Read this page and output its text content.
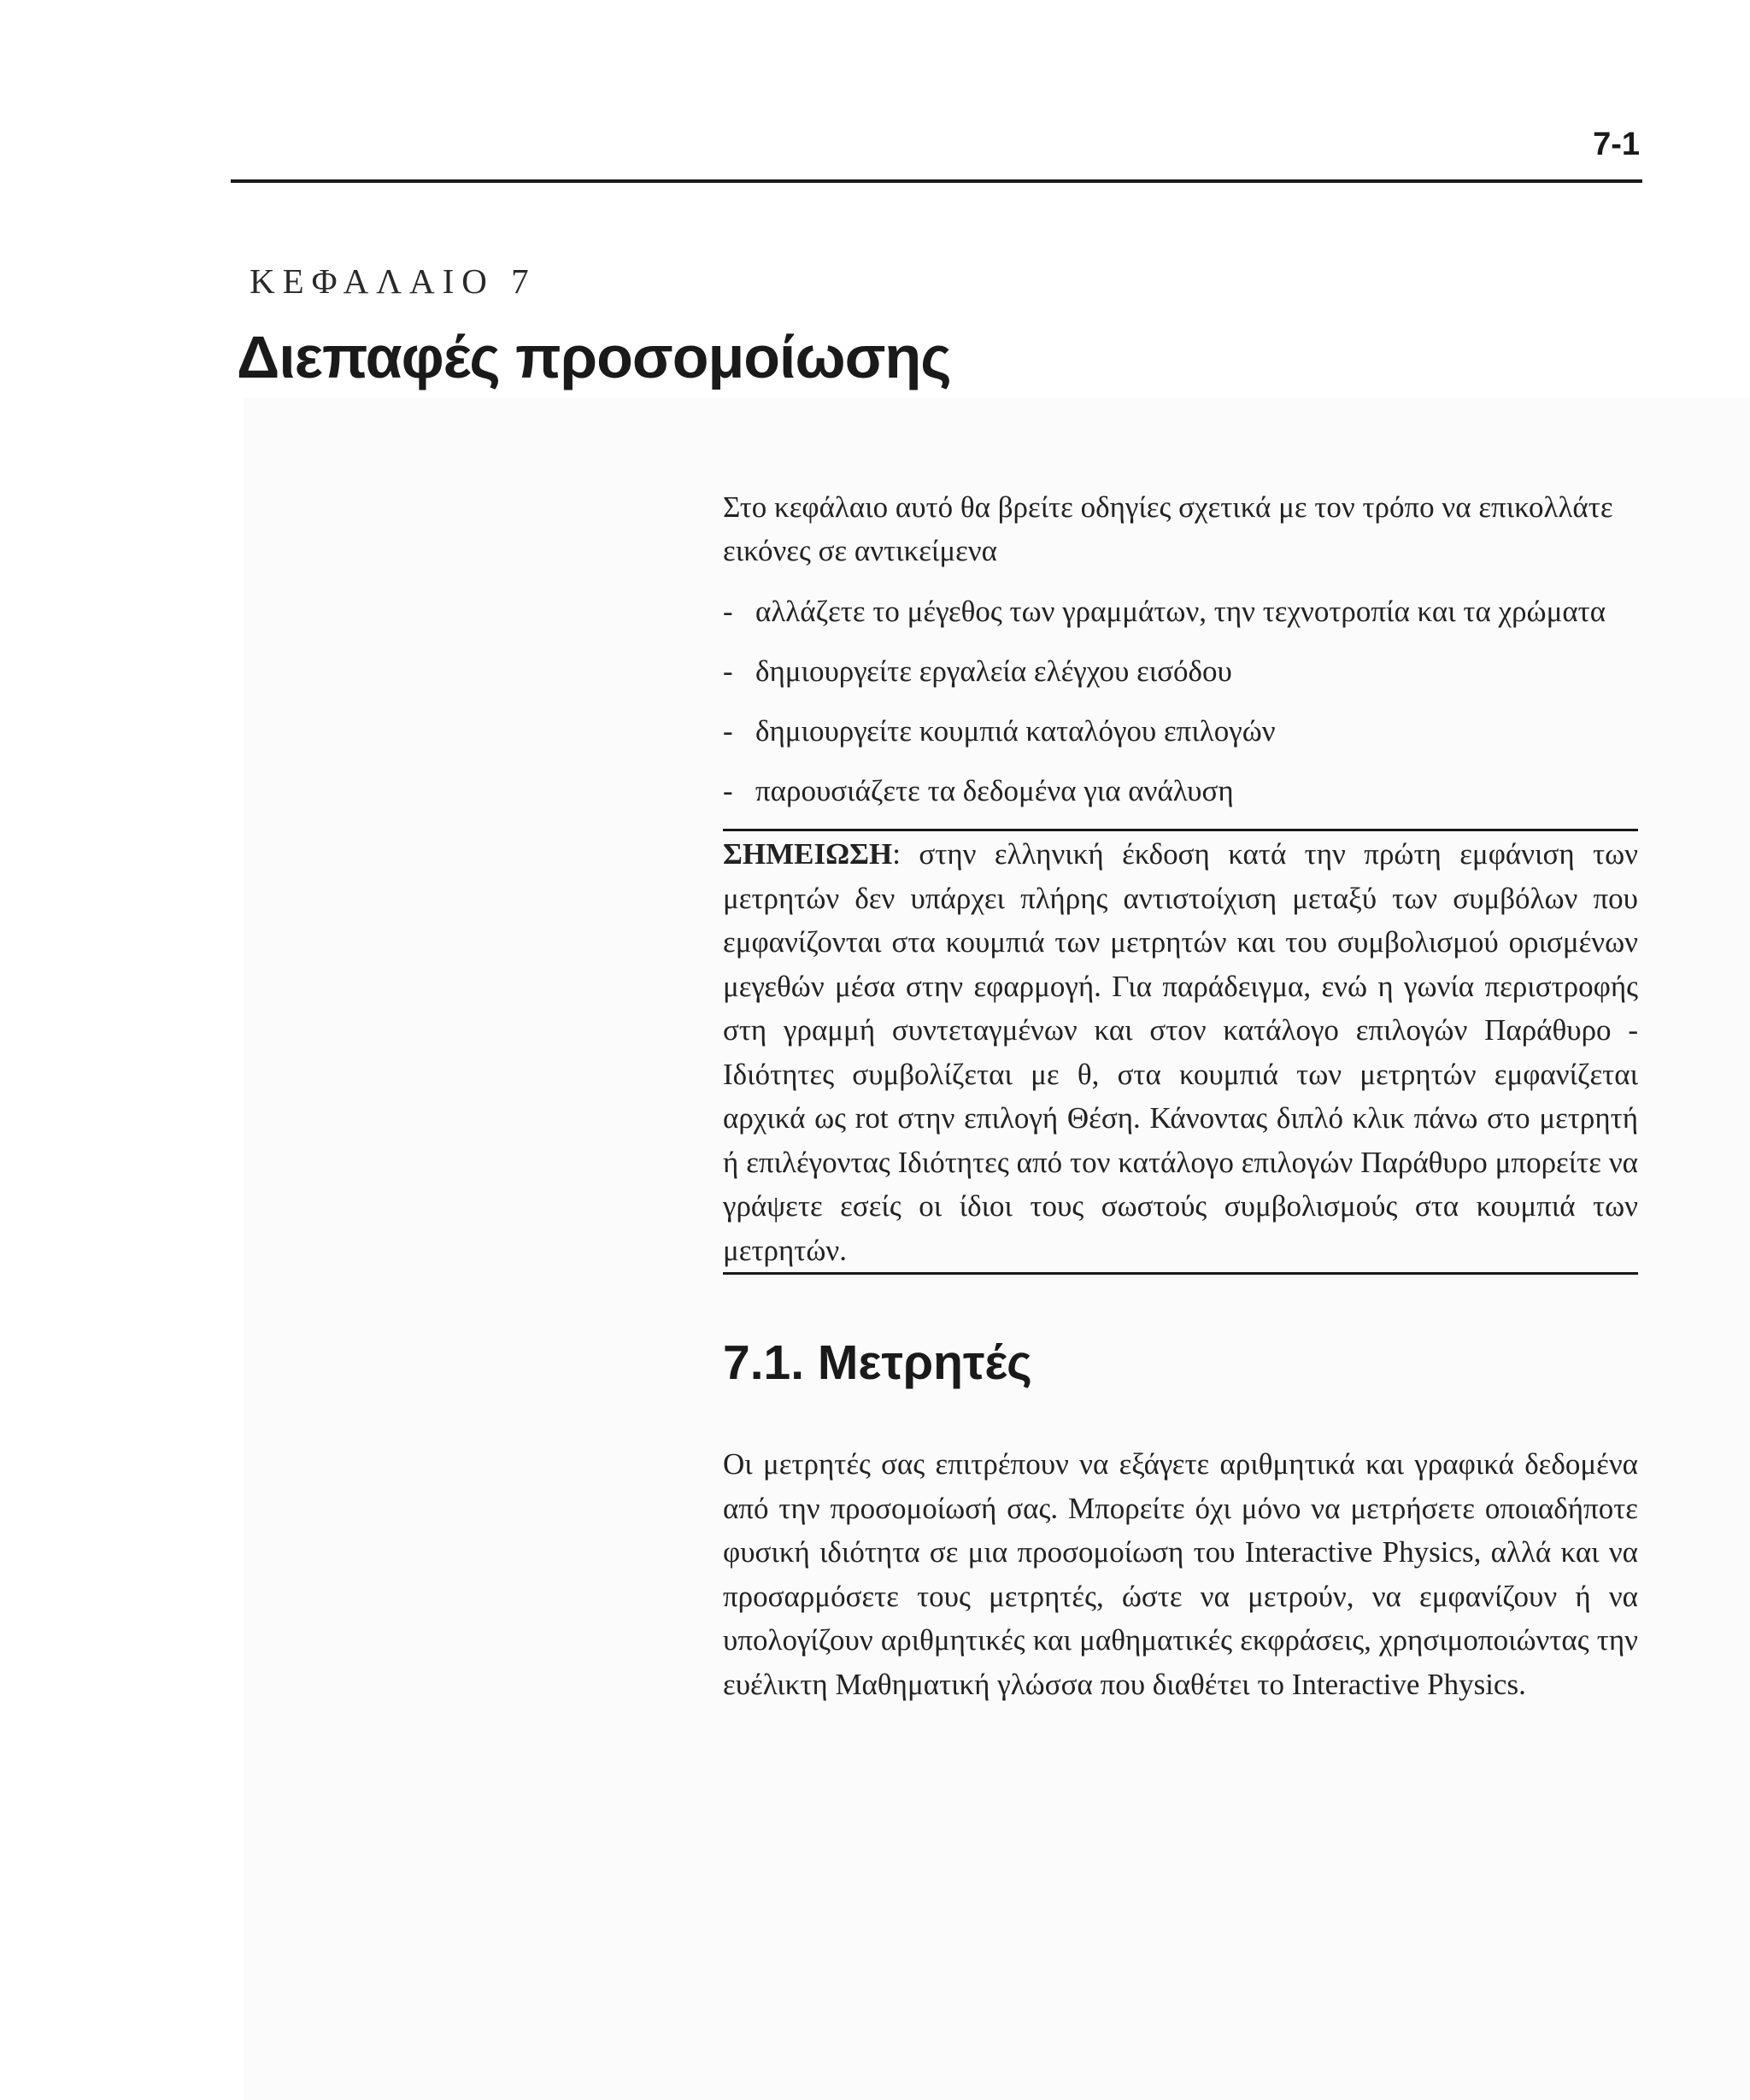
7-1
ΚΕΦΑΛΑΙΟ 7
Διεπαφές προσομοίωσης

Στο κεφάλαιο αυτό θα βρείτε οδηγίες σχετικά με τον τρόπο να επικολλάτε εικόνες σε αντικείμενα

- αλλάζετε το μέγεθος των γραμμάτων, την τεχνοτροπία και τα χρώματα
- δημιουργείτε εργαλεία ελέγχου εισόδου
- δημιουργείτε κουμπιά καταλόγου επιλογών
- παρουσιάζετε τα δεδομένα για ανάλυση
ΣΗΜΕΙΩΣΗ: στην ελληνική έκδοση κατά την πρώτη εμφάνιση των μετρητών δεν υπάρχει πλήρης αντιστοίχιση μεταξύ των συμβόλων που εμφανίζονται στα κουμπιά των μετρητών και του συμβολισμού ορισμένων μεγεθών μέσα στην εφαρμογή. Για παράδειγμα, ενώ η γωνία περιστροφής στη γραμμή συντεταγμένων και στον κατάλογο επιλογών Παράθυρο - Ιδιότητες συμβολίζεται με θ, στα κουμπιά των μετρητών εμφανίζεται αρχικά ως rot στην επιλογή Θέση. Κάνοντας διπλό κλικ πάνω στο μετρητή ή επιλέγοντας Ιδιότητες από τον κατάλογο επιλογών Παράθυρο μπορείτε να γράψετε εσείς οι ίδιοι τους σωστούς συμβολισμούς στα κουμπιά των μετρητών.
7.1. Μετρητές

Οι μετρητές σας επιτρέπουν να εξάγετε αριθμητικά και γραφικά δεδομένα από την προσομοίωσή σας. Μπορείτε όχι μόνο να μετρήσετε οποιαδήποτε φυσική ιδιότητα σε μια προσομοίωση του Interactive Physics, αλλά και να προσαρμόσετε τους μετρητές, ώστε να μετρούν, να εμφανίζουν ή να υπολογίζουν αριθμητικές και μαθηματικές εκφράσεις, χρησιμοποιώντας την ευέλικτη Μαθηματική γλώσσα που διαθέτει το Interactive Physics.
